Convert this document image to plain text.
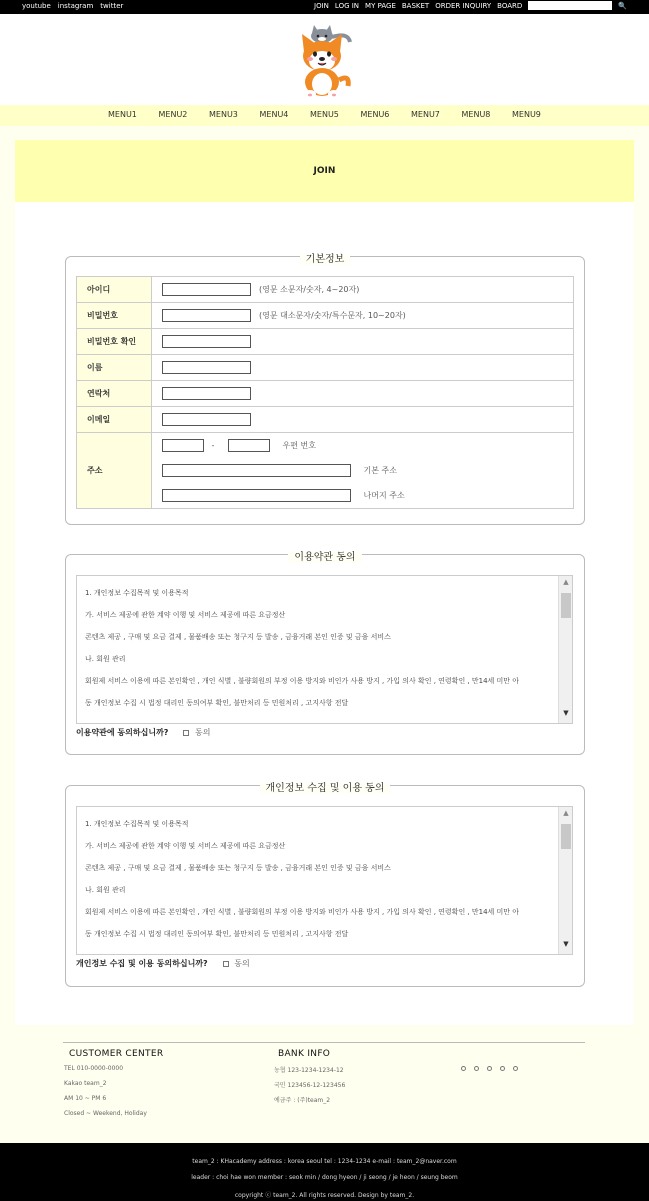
youtube instagram twitter	JOIN LOG IN MY PAGE BASKET ORDER INQUIRY BOARD	🔍
MENU1	MENU2	MENU3	MENU4	MENU5	MENU6	MENU7	MENU8	MENU9
JOIN
기본정보
아이디	(영문 소문자/숫자, 4~20자)
비밀번호	(영문 대소문자/숫자/특수문자, 10~20자)
비밀번호 확인	
이름	
연락처	
이메일	
주소	- 우편 번호
기본 주소
나머지 주소
이용약관 동의

1. 개인정보 수집목적 및 이용목적

가. 서비스 제공에 관한 계약 이행 및 서비스 제공에 따른 요금정산

콘텐츠 제공 , 구매 및 요금 결제 , 물품배송 또는 청구지 등 발송 , 금융거래 본인 인증 및 금융 서비스

나. 회원 관리

회원제 서비스 이용에 따른 본인확인 , 개인 식별 , 불량회원의 부정 이용 방지와 비인가 사용 방지 , 가입 의사 확인 , 연령확인 , 만14세 미만 아

동 개인정보 수집 시 법정 대리인 동의여부 확인, 불만처리 등 민원처리 , 고지사항 전달

▲
▼
이용약관에 동의하십니까?	동의
개인정보 수집 및 이용 동의

1. 개인정보 수집목적 및 이용목적

가. 서비스 제공에 관한 계약 이행 및 서비스 제공에 따른 요금정산

콘텐츠 제공 , 구매 및 요금 결제 , 물품배송 또는 청구지 등 발송 , 금융거래 본인 인증 및 금융 서비스

나. 회원 관리

회원제 서비스 이용에 따른 본인확인 , 개인 식별 , 불량회원의 부정 이용 방지와 비인가 사용 방지 , 가입 의사 확인 , 연령확인 , 만14세 미만 아

동 개인정보 수집 시 법정 대리인 동의여부 확인, 불만처리 등 민원처리 , 고지사항 전달

▲
▼
개인정보 수집 및 이용 동의하십니까?	동의
CUSTOMER CENTER

TEL 010-0000-0000

Kakao team_2

AM 10 ~ PM 6

Closed ~ Weekend, Holiday

BANK INFO

농협 123-1234-1234-12

국민 123456-12-123456

예금주 : (주)team_2

team_2 : KHacademy address : korea seoul tel : 1234-1234 e-mail : team_2@naver.com

leader : choi hae won member : seok min / dong hyeon / ji seong / je heon / seung beom

copyright ⓒ team_2. All rights reserved. Design by team_2.
